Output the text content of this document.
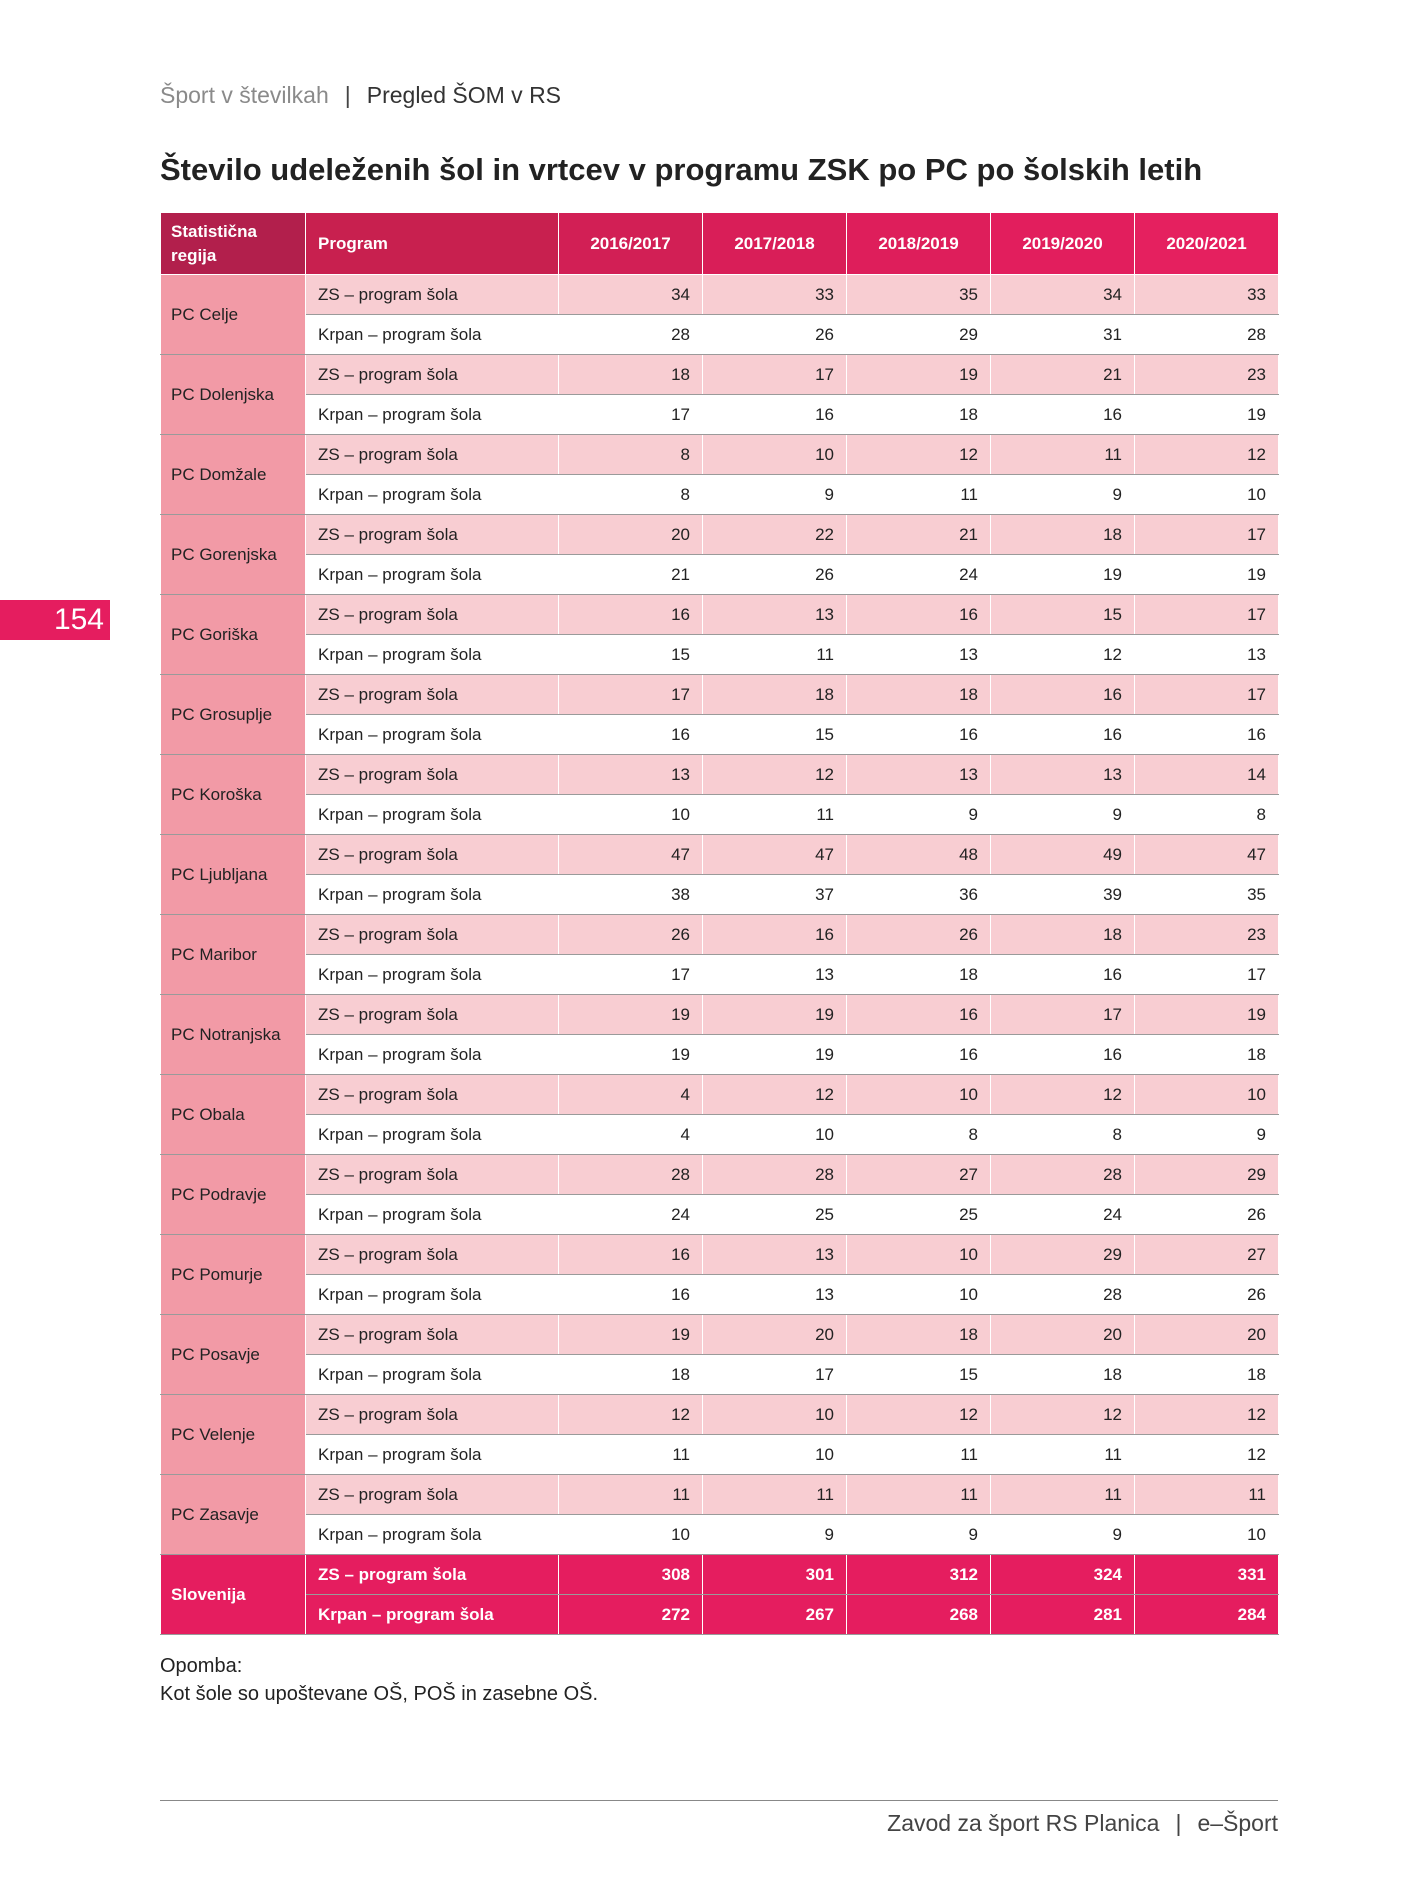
Šport v številkah | Pregled ŠOM v RS
Število udeleženih šol in vrtcev v programu ZSK po PC po šolskih letih
154
Statistična regija	Program	2016/2017	2017/2018	2018/2019	2019/2020	2020/2021
PC Celje	ZS – program šola	34	33	35	34	33
	Krpan – program šola	28	26	29	31	28
PC Dolenjska	ZS – program šola	18	17	19	21	23
	Krpan – program šola	17	16	18	16	19
PC Domžale	ZS – program šola	8	10	12	11	12
	Krpan – program šola	8	9	11	9	10
PC Gorenjska	ZS – program šola	20	22	21	18	17
	Krpan – program šola	21	26	24	19	19
PC Goriška	ZS – program šola	16	13	16	15	17
	Krpan – program šola	15	11	13	12	13
PC Grosuplje	ZS – program šola	17	18	18	16	17
	Krpan – program šola	16	15	16	16	16
PC Koroška	ZS – program šola	13	12	13	13	14
	Krpan – program šola	10	11	9	9	8
PC Ljubljana	ZS – program šola	47	47	48	49	47
	Krpan – program šola	38	37	36	39	35
PC Maribor	ZS – program šola	26	16	26	18	23
	Krpan – program šola	17	13	18	16	17
PC Notranjska	ZS – program šola	19	19	16	17	19
	Krpan – program šola	19	19	16	16	18
PC Obala	ZS – program šola	4	12	10	12	10
	Krpan – program šola	4	10	8	8	9
PC Podravje	ZS – program šola	28	28	27	28	29
	Krpan – program šola	24	25	25	24	26
PC Pomurje	ZS – program šola	16	13	10	29	27
	Krpan – program šola	16	13	10	28	26
PC Posavje	ZS – program šola	19	20	18	20	20
	Krpan – program šola	18	17	15	18	18
PC Velenje	ZS – program šola	12	10	12	12	12
	Krpan – program šola	11	10	11	11	12
PC Zasavje	ZS – program šola	11	11	11	11	11
	Krpan – program šola	10	9	9	9	10
Slovenija	ZS – program šola	308	301	312	324	331
	Krpan – program šola	272	267	268	281	284
Opomba:
Kot šole so upoštevane OŠ, POŠ in zasebne OŠ.
Zavod za šport RS Planica | e–Šport
